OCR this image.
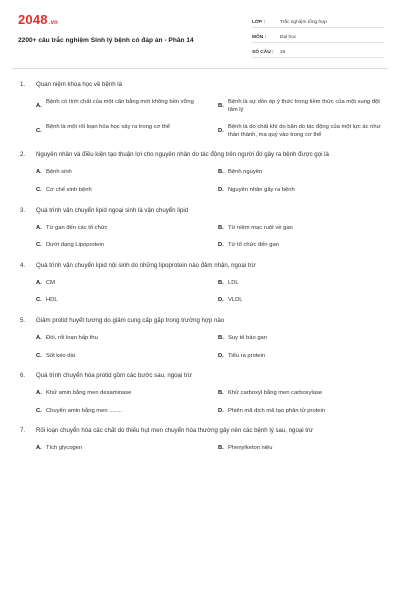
2048.vn
2200+ câu trắc nghiệm Sinh lý bệnh có đáp án - Phần 14
LỚP :	Trắc nghiệm tổng hợp
MÔN :	Đại học
SỐ CÂU :	26
1.	Quan niệm khoa học về bệnh là
A.
Bệnh có tính chất của một cân bằng mới không bền vững
B.
Bệnh là sự dồn ép ý thức trong tiềm thức của một xung đột tâm lý
C.
Bệnh là một rối loạn hóa học xảy ra trong cơ thể
D.
Bệnh là do chất khí do bẩn do tác động của một lực ác như thần thánh, ma quỷ vào trong cơ thể
2.	Nguyên nhân và điều kiện tạo thuận lợi cho nguyên nhân do tác động trên người đó gây ra bệnh được gọi là
A. Bệnh sinh	B. Bệnh nguyên
C. Cơ chế sinh bệnh	D. Nguyên nhân gây ra bệnh
3.	Quá trình vận chuyển lipid ngoại sinh là vận chuyển lipid
A. Từ gan đến các tổ chức	B. Từ niêm mạc ruột về gan
C. Dưới dạng Lipoprotein	D. Từ tổ chức đến gan
4.	Quá trình vận chuyển lipid nội sinh do những lipoprotein nào đảm nhận, ngoại trừ
A. CM	B. LDL
C. HDL	D. VLDL
5.	Giảm protid huyết tương do giảm cung cấp gặp trong trường hợp nào
A. Đói, rối loạn hấp thu	B. Suy tế bào gan
C. Sốt kéo dài	D. Tiểu ra protein
6.	Quá trình chuyển hóa protid gồm các bước sau, ngoại trừ
A. Khử amin bằng men desaminase	B. Khử carboxyl bằng men carboxylase
C. Chuyển amin bằng men ........	D. Phiên mã dịch mã tạo phân tử protein
7.	Rối loạn chuyển hóa các chất do thiếu hụt men chuyển hóa thường gây nên các bệnh lý sau, ngoại trừ
A. Tích glycogen	B. Phenylketon niệu
